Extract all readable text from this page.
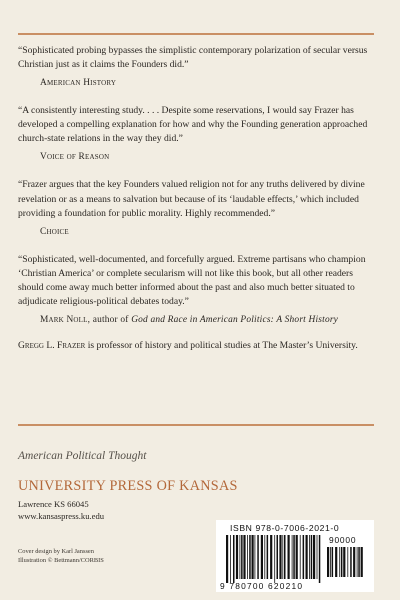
“Sophisticated probing bypasses the simplistic contemporary polarization of secular versus Christian just as it claims the Founders did.”

American History

“A consistently interesting study. . . . Despite some reservations, I would say Frazer has developed a compelling explanation for how and why the Founding generation approached church-state relations in the way they did.”

Voice of Reason

“Frazer argues that the key Founders valued religion not for any truths delivered by divine revelation or as a means to salvation but because of its ‘laudable effects,’ which included providing a foundation for public morality. Highly recommended.”

Choice

“Sophisticated, well-documented, and forcefully argued. Extreme partisans who champion ‘Christian America’ or complete secularism will not like this book, but all other readers should come away much better informed about the past and also much better situated to adjudicate religious-political debates today.”

Mark Noll, author of God and Race in American Politics: A Short History

Gregg L. Frazer is professor of history and political studies at The Master’s University.

American Political Thought
UNIVERSITY PRESS OF KANSAS
Lawrence KS 66045
www.kansaspress.ku.edu
Cover design by Karl Janssen
Illustration © Bettmann/CORBIS
ISBN 978-0-7006-2021-0
90000
9 780700 620210
